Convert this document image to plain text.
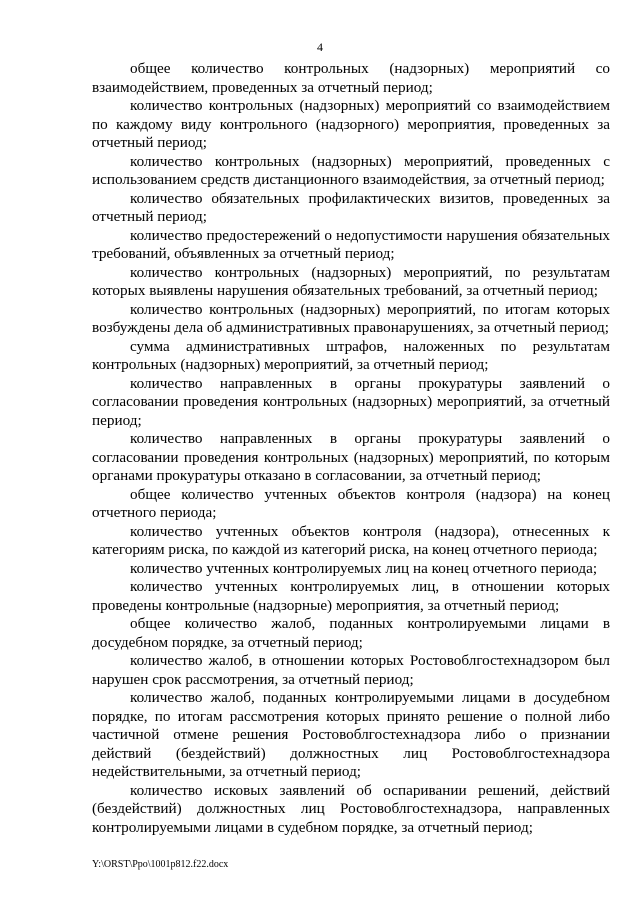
4

общее количество контрольных (надзорных) мероприятий со взаимодействием, проведенных за отчетный период;

количество контрольных (надзорных) мероприятий со взаимодействием по каждому виду контрольного (надзорного) мероприятия, проведенных за отчетный период;

количество контрольных (надзорных) мероприятий, проведенных с использованием средств дистанционного взаимодействия, за отчетный период;

количество обязательных профилактических визитов, проведенных за отчетный период;

количество предостережений о недопустимости нарушения обязательных требований, объявленных за отчетный период;

количество контрольных (надзорных) мероприятий, по результатам которых выявлены нарушения обязательных требований, за отчетный период;

количество контрольных (надзорных) мероприятий, по итогам которых возбуждены дела об административных правонарушениях, за отчетный период;

сумма административных штрафов, наложенных по результатам контрольных (надзорных) мероприятий, за отчетный период;

количество направленных в органы прокуратуры заявлений о согласовании проведения контрольных (надзорных) мероприятий, за отчетный период;

количество направленных в органы прокуратуры заявлений о согласовании проведения контрольных (надзорных) мероприятий, по которым органами прокуратуры отказано в согласовании, за отчетный период;

общее количество учтенных объектов контроля (надзора) на конец отчетного периода;

количество учтенных объектов контроля (надзора), отнесенных к категориям риска, по каждой из категорий риска, на конец отчетного периода;

количество учтенных контролируемых лиц на конец отчетного периода;

количество учтенных контролируемых лиц, в отношении которых проведены контрольные (надзорные) мероприятия, за отчетный период;

общее количество жалоб, поданных контролируемыми лицами в досудебном порядке, за отчетный период;

количество жалоб, в отношении которых Ростовоблгостехнадзором был нарушен срок рассмотрения, за отчетный период;

количество жалоб, поданных контролируемыми лицами в досудебном порядке, по итогам рассмотрения которых принято решение о полной либо частичной отмене решения Ростовоблгостехнадзора либо о признании действий (бездействий) должностных лиц Ростовоблгостехнадзора недействительными, за отчетный период;

количество исковых заявлений об оспаривании решений, действий (бездействий) должностных лиц Ростовоблгостехнадзора, направленных контролируемыми лицами в судебном порядке, за отчетный период;

Y:\ORST\Ppo\1001p812.f22.docx
